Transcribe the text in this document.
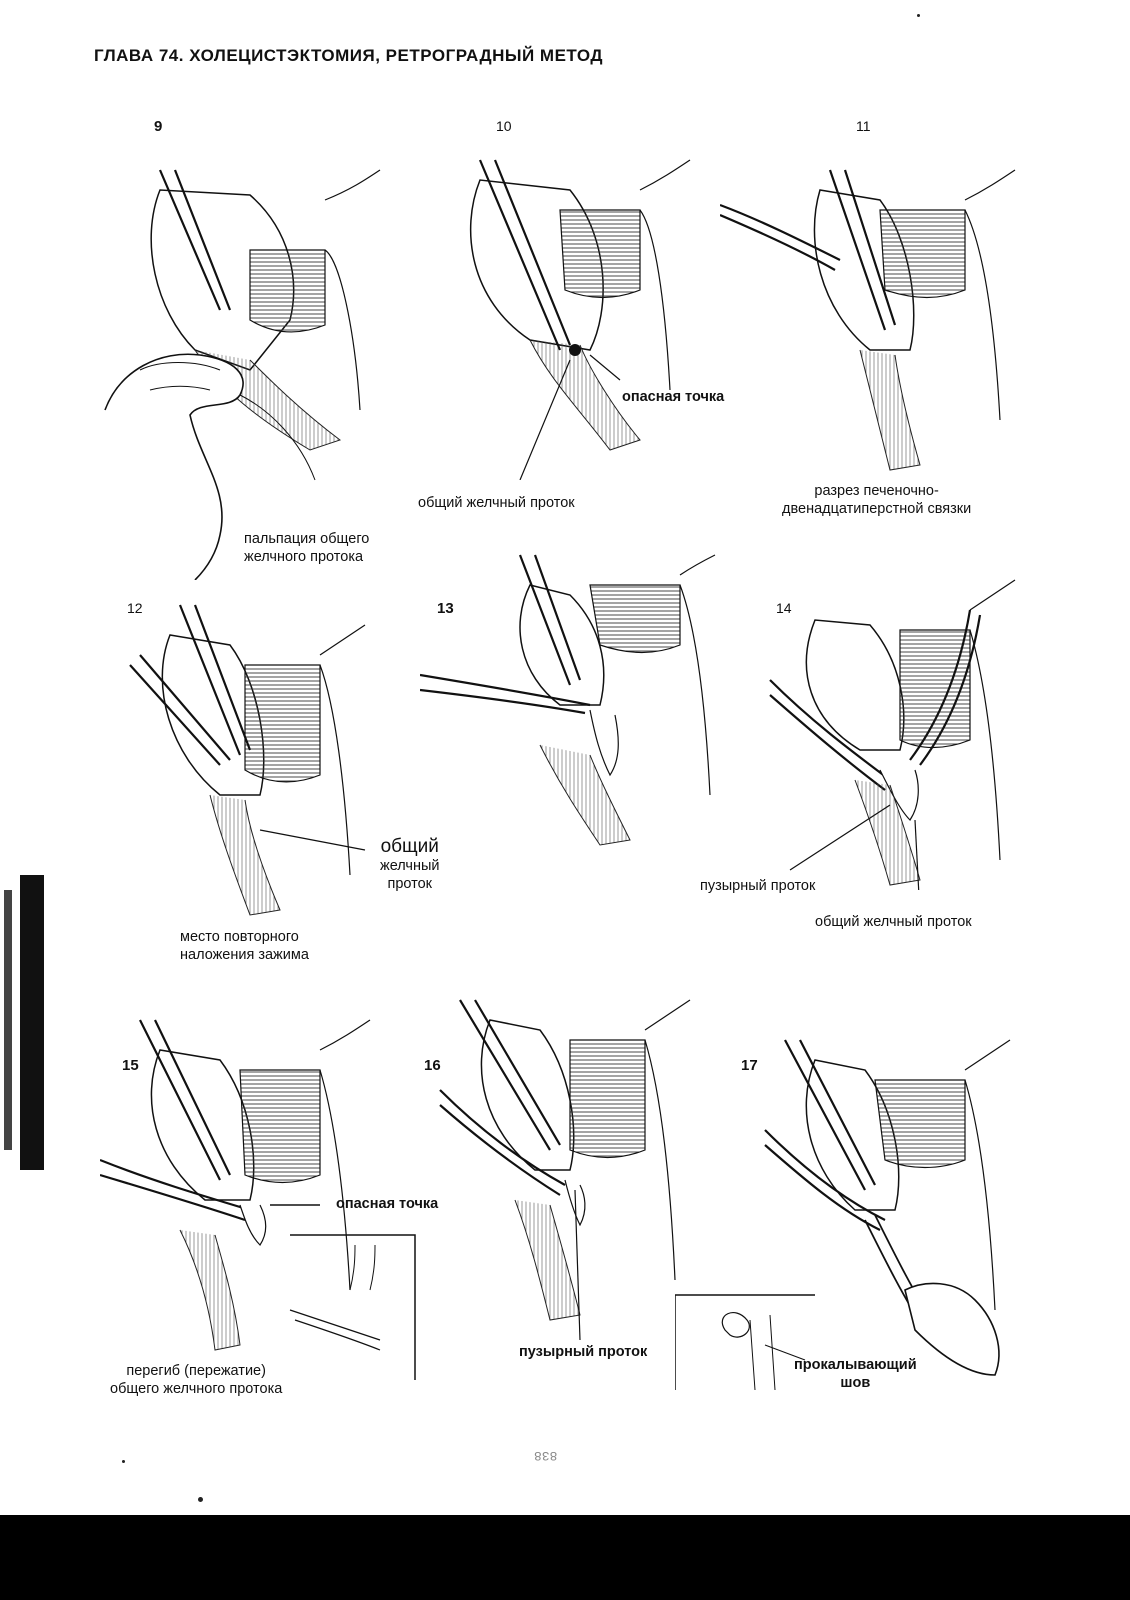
ГЛАВА 74. ХОЛЕЦИСТЭКТОМИЯ, РЕТРОГРАДНЫЙ МЕТОД
9
пальпация общего
желчного протока
10
опасная точка
общий желчный проток
11
разрез печеночно-
двенадцатиперстной связки
12
общий
желчный
проток
место повторного
наложения зажима
13	14
пузырный проток
общий желчный проток
15
опасная точка
перегиб (пережатие)
общего желчного протока
16
пузырный проток
17
прокалывающий
шов
838
